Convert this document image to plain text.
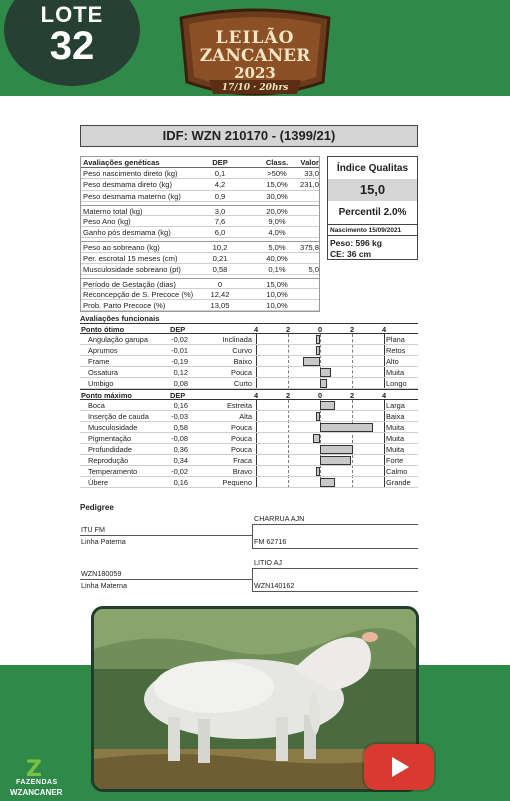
LOTE
32	LEILÃO
ZANCANER
2023
17/10 · 20hrs
IDF: WZN 210170 - (1399/21)
Avaliações genéticas	DEP	Class.	Valor
Peso nascimento direto (kg)	0,1	>50%	33,0
Peso desmama direto (kg)	4,2	15,0%	231,0
Peso desmama materno (kg)	0,9	30,0%
Materno total (kg)	3,0	20,0%
Peso Ano (kg)	7,6	9,0%
Ganho pós desmama (kg)	6,0	4,0%
Peso ao sobreano (kg)	10,2	5,0%	375,8
Per. escrotal 15 meses (cm)	0,21	40,0%
Musculosidade sobreano (pt)	0,58	0,1%	5,0
Período de Gestação (dias)	0	15,0%
Reconcepção de S. Precoce (%)	12,42	10,0%
Prob. Parto Precoce (%)	13,05	10,0%
Índice Qualitas
15,0
Percentil 2.0%
Nascimento 15/09/2021
Peso: 596 kg
CE: 36 cm
Avaliações funcionais
Ponto ótimo	DEP	4	2	0	2	4
Angulação garupa	-0,02	Inclinada	Plana
Aprumos	-0,01	Curvo	Retos
Frame	-0,19	Baixo	Alto
Ossatura	0,12	Pouca	Muita
Umbigo	0,08	Curto	Longo
Ponto máximo	DEP	4	2	0	2	4
Boca	0,16	Estreita	Larga
Inserção de cauda	-0,03	Alta	Baixa
Musculosidade	0,58	Pouca	Muita
Pigmentação	-0,08	Pouca	Muita
Profundidade	0,36	Pouca	Muita
Reprodução	0,34	Fraca	Forte
Temperamento	-0,02	Bravo	Calmo
Úbere	0,16	Pequeno	Grande
Pedigree
CHARRUA AJN
ITU FM
Linha Paterna	FM 62716
LITIO AJ
WZN180059
Linha Materna	WZN140162
Z
FAZENDAS
WZANCANER
